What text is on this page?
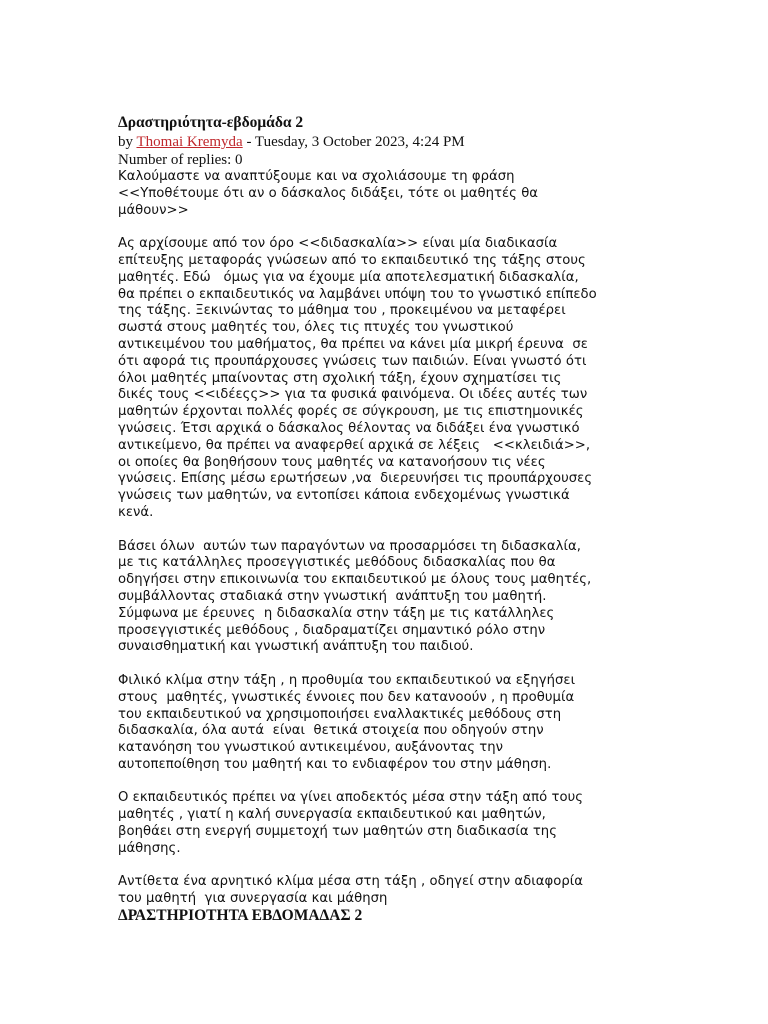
Δραστηριότητα-εβδομάδα 2

by Thomai Kremyda - Tuesday, 3 October 2023, 4:24 PM

Number of replies: 0

Καλούμαστε να αναπτύξουμε και να σχολιάσουμε τη φράση
<<Υποθέτουμε ότι αν ο δάσκαλος διδάξει, τότε οι μαθητές θα
μάθουν>>
Ας αρχίσουμε από τον όρο <<διδασκαλία>> είναι μία διαδικασία
επίτευξης μεταφοράς γνώσεων από το εκπαιδευτικό της τάξης στους
μαθητές. Εδώ   όμως για να έχουμε μία αποτελεσματική διδασκαλία,
θα πρέπει ο εκπαιδευτικός να λαμβάνει υπόψη του το γνωστικό επίπεδο
της τάξης. Ξεκινώντας το μάθημα του , προκειμένου να μεταφέρει
σωστά στους μαθητές του, όλες τις πτυχές του γνωστικού
αντικειμένου του μαθήματος, θα πρέπει να κάνει μία μικρή έρευνα  σε
ότι αφορά τις προυπάρχουσες γνώσεις των παιδιών. Είναι γνωστό ότι
όλοι μαθητές μπαίνοντας στη σχολική τάξη, έχουν σχηματίσει τις
δικές τους <<ιδέεςς>> για τα φυσικά φαινόμενα. Οι ιδέες αυτές των
μαθητών έρχονται πολλές φορές σε σύγκρουση, με τις επιστημονικές
γνώσεις. Έτσι αρχικά ο δάσκαλος θέλοντας να διδάξει ένα γνωστικό
αντικείμενο, θα πρέπει να αναφερθεί αρχικά σε λέξεις   <<κλειδιά>>,
οι οποίες θα βοηθήσουν τους μαθητές να κατανοήσουν τις νέες
γνώσεις. Επίσης μέσω ερωτήσεων ,να  διερευνήσει τις προυπάρχουσες
γνώσεις των μαθητών, να εντοπίσει κάποια ενδεχομένως γνωστικά
κενά.
Βάσει όλων  αυτών των παραγόντων να προσαρμόσει τη διδασκαλία,
με τις κατάλληλες προσεγγιστικές μεθόδους διδασκαλίας που θα
οδηγήσει στην επικοινωνία του εκπαιδευτικού με όλους τους μαθητές,
συμβάλλοντας σταδιακά στην γνωστική  ανάπτυξη του μαθητή.
Σύμφωνα με έρευνες  η διδασκαλία στην τάξη με τις κατάλληλες
προσεγγιστικές μεθόδους , διαδραματίζει σημαντικό ρόλο στην
συναισθηματική και γνωστική ανάπτυξη του παιδιού.
Φιλικό κλίμα στην τάξη , η προθυμία του εκπαιδευτικού να εξηγήσει
στους  μαθητές, γνωστικές έννοιες που δεν κατανοούν , η προθυμία
του εκπαιδευτικού να χρησιμοποιήσει εναλλακτικές μεθόδους στη
διδασκαλία, όλα αυτά  είναι  θετικά στοιχεία που οδηγούν στην
κατανόηση του γνωστικού αντικειμένου, αυξάνοντας την
αυτοπεποίθηση του μαθητή και το ενδιαφέρον του στην μάθηση.
Ο εκπαιδευτικός πρέπει να γίνει αποδεκτός μέσα στην τάξη από τους
μαθητές , γιατί η καλή συνεργασία εκπαιδευτικού και μαθητών,
βοηθάει στη ενεργή συμμετοχή των μαθητών στη διαδικασία της
μάθησης.
Αντίθετα ένα αρνητικό κλίμα μέσα στη τάξη , οδηγεί στην αδιαφορία
του μαθητή  για συνεργασία και μάθηση
ΔΡΑΣΤΗΡΙΟΤΗΤΑ ΕΒΔΟΜΑΔΑΣ 2
